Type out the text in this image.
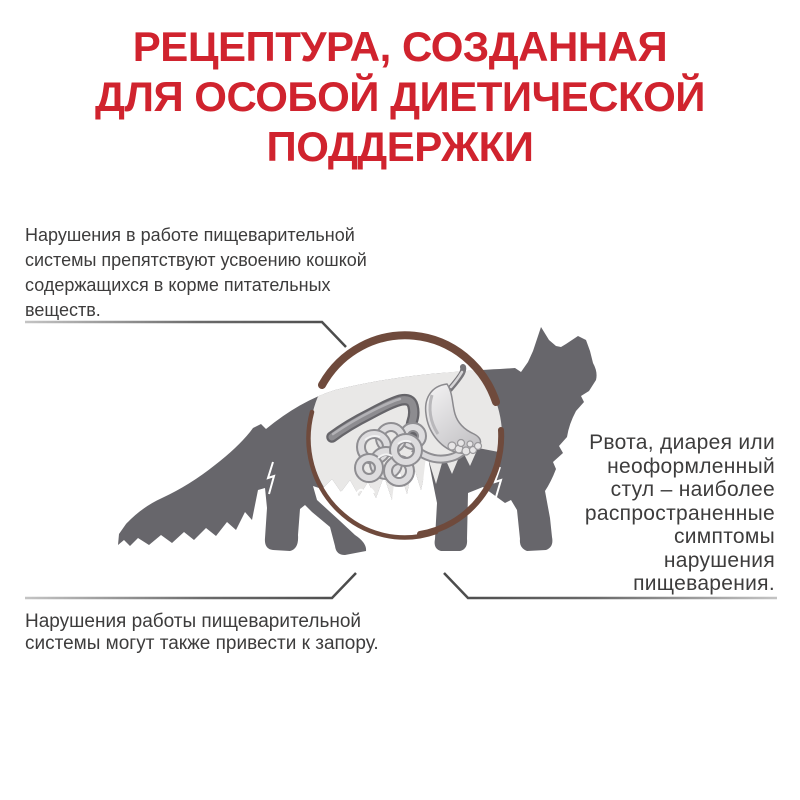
РЕЦЕПТУРА, СОЗДАННАЯ
ДЛЯ ОСОБОЙ ДИЕТИЧЕСКОЙ
ПОДДЕРЖКИ
Нарушения в работе пищеварительной
системы препятствуют усвоению кошкой
содержащихся в корме питательных
веществ.
Рвота, диарея или
неоформленный
стул – наиболее
распространенные
симптомы
нарушения
пищеварения.
Нарушения работы пищеварительной
системы могут также привести к запору.
